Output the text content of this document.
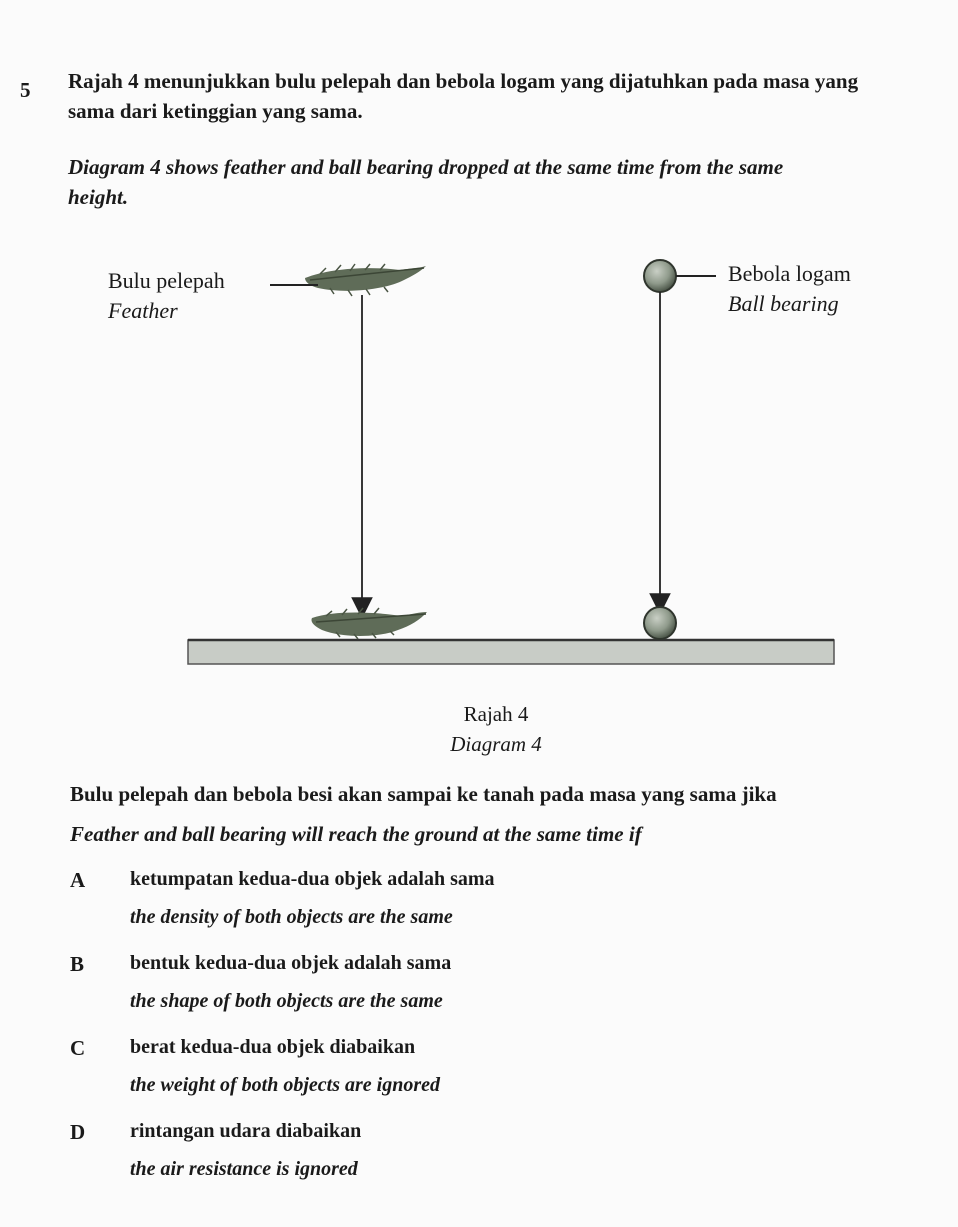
5 Rajah 4 menunjukkan bulu pelepah dan bebola logam yang dijatuhkan pada masa yang
sama dari ketinggian yang sama.
Diagram 4 shows feather and ball bearing dropped at the same time from the same
height.
Bulu pelepah
Feather
Bebola logam
Ball bearing
Rajah 4
Diagram 4
Bulu pelepah dan bebola besi akan sampai ke tanah pada masa yang sama jika
Feather and ball bearing will reach the ground at the same time if
A ketumpatan kedua-dua objek adalah sama
the density of both objects are the same
B bentuk kedua-dua objek adalah sama
the shape of both objects are the same
C berat kedua-dua objek diabaikan
the weight of both objects are ignored
D rintangan udara diabaikan
the air resistance is ignored
